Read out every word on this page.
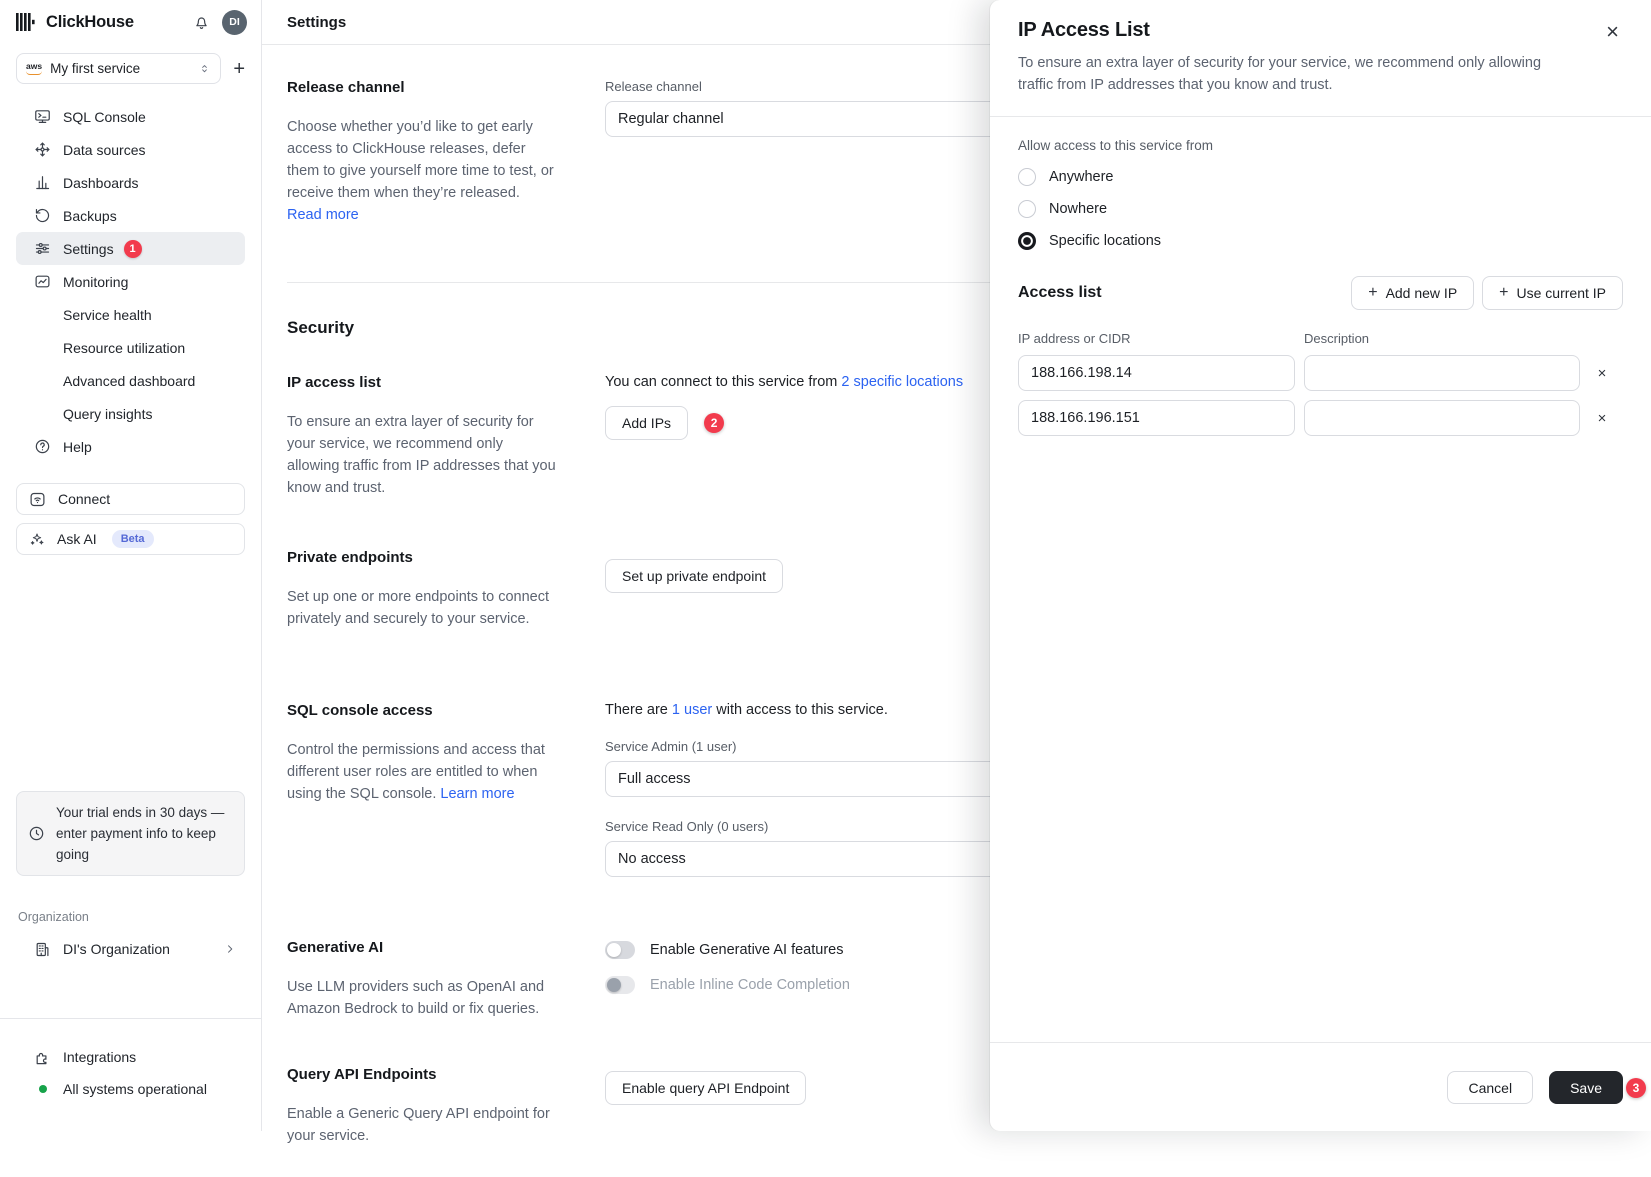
ClickHouse	DI
aws My first service	+
SQL Console
Data sources
Dashboards
Backups
Settings	1
Monitoring
Service health
Resource utilization
Advanced dashboard
Query insights
Help
Connect
Ask AI	Beta
Your trial ends in 30 days — enter payment info to keep going
Organization
DI's Organization
Integrations
All systems operational
Settings
Release channel

Choose whether you’d like to get early access to ClickHouse releases, defer them to give yourself more time to test, or receive them when they’re released.
Read more

Release channel
Regular channel
Security
IP access list

To ensure an extra layer of security for your service, we recommend only allowing traffic from IP addresses that you know and trust.

You can connect to this service from 2 specific locations
Add IPs	2
Private endpoints

Set up one or more endpoints to connect privately and securely to your service.

Set up private endpoint
SQL console access

Control the permissions and access that different user roles are entitled to when using the SQL console. Learn more

There are 1 user with access to this service.
Service Admin (1 user)
Full access
Service Read Only (0 users)
No access
Generative AI

Use LLM providers such as OpenAI and Amazon Bedrock to build or fix queries.

Enable Generative AI features
Enable Inline Code Completion
Query API Endpoints

Enable a Generic Query API endpoint for your service.

Enable query API Endpoint
IP Access List	×
To ensure an extra layer of security for your service, we recommend only allowing traffic from IP addresses that you know and trust.
Allow access to this service from
Anywhere
Nowhere
Specific locations
Access list	+ Add new IP	+ Use current IP
IP address or CIDR	Description
188.166.198.14
×
188.166.196.151
×
Cancel	Save	3
